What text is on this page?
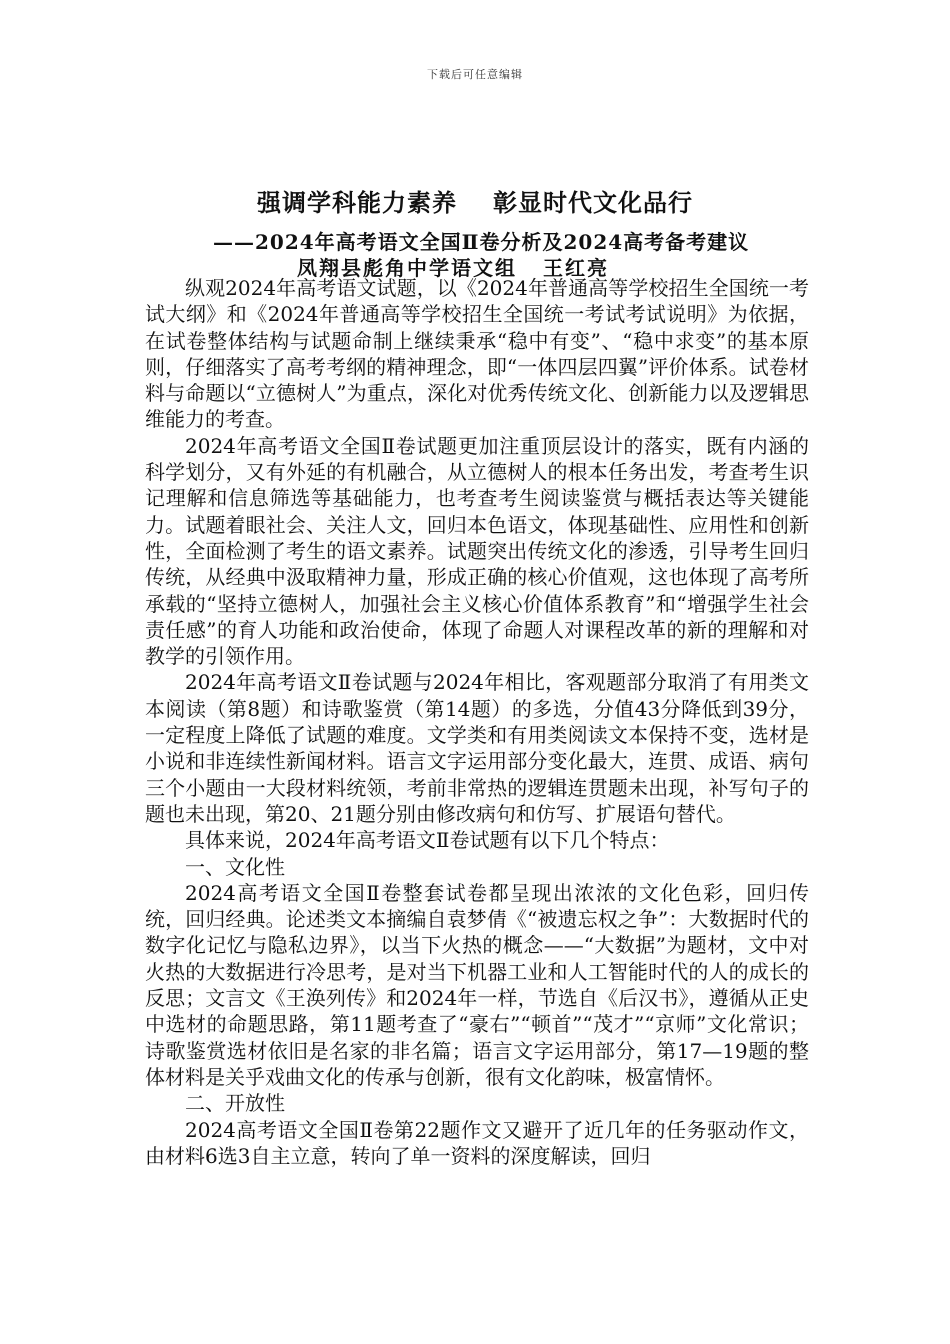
下载后可任意编辑
强调学科能力素养 彰显时代文化品行
——2024年高考语文全国Ⅱ卷分析及2024高考备考建议
凤翔县彪角中学语文组 王红亮

纵观2024年高考语文试题，以《2024年普通高等学校招生全国统一考试大纲》和《2024年普通高等学校招生全国统一考试考试说明》为依据，在试卷整体结构与试题命制上继续秉承“稳中有变”、“稳中求变”的基本原则，仔细落实了高考考纲的精神理念，即“一体四层四翼”评价体系。试卷材料与命题以“立德树人”为重点，深化对优秀传统文化、创新能力以及逻辑思维能力的考查。

2024年高考语文全国Ⅱ卷试题更加注重顶层设计的落实，既有内涵的科学划分，又有外延的有机融合，从立德树人的根本任务出发，考查考生识记理解和信息筛选等基础能力，也考查考生阅读鉴赏与概括表达等关键能力。试题着眼社会、关注人文，回归本色语文，体现基础性、应用性和创新性，全面检测了考生的语文素养。试题突出传统文化的渗透，引导考生回归传统，从经典中汲取精神力量，形成正确的核心价值观，这也体现了高考所承载的“坚持立德树人，加强社会主义核心价值体系教育”和“增强学生社会责任感”的育人功能和政治使命，体现了命题人对课程改革的新的理解和对教学的引领作用。

2024年高考语文Ⅱ卷试题与2024年相比，客观题部分取消了有用类文本阅读（第8题）和诗歌鉴赏（第14题）的多选，分值43分降低到39分，一定程度上降低了试题的难度。文学类和有用类阅读文本保持不变，选材是小说和非连续性新闻材料。语言文字运用部分变化最大，连贯、成语、病句三个小题由一大段材料统领，考前非常热的逻辑连贯题未出现，补写句子的题也未出现，第20、21题分别由修改病句和仿写、扩展语句替代。

具体来说，2024年高考语文Ⅱ卷试题有以下几个特点：

一、文化性

2024高考语文全国Ⅱ卷整套试卷都呈现出浓浓的文化色彩，回归传统，回归经典。论述类文本摘编自袁梦倩《“被遗忘权之争”：大数据时代的数字化记忆与隐私边界》，以当下火热的概念——“大数据”为题材，文中对火热的大数据进行冷思考，是对当下机器工业和人工智能时代的人的成长的反思；文言文《王涣列传》和2024年一样，节选自《后汉书》，遵循从正史中选材的命题思路，第11题考查了“豪右”“顿首”“茂才”“京师”文化常识；诗歌鉴赏选材依旧是名家的非名篇；语言文字运用部分，第17—19题的整体材料是关乎戏曲文化的传承与创新，很有文化韵味，极富情怀。

二、开放性

2024高考语文全国Ⅱ卷第22题作文又避开了近几年的任务驱动作文，由材料6选3自主立意，转向了单一资料的深度解读，回归
